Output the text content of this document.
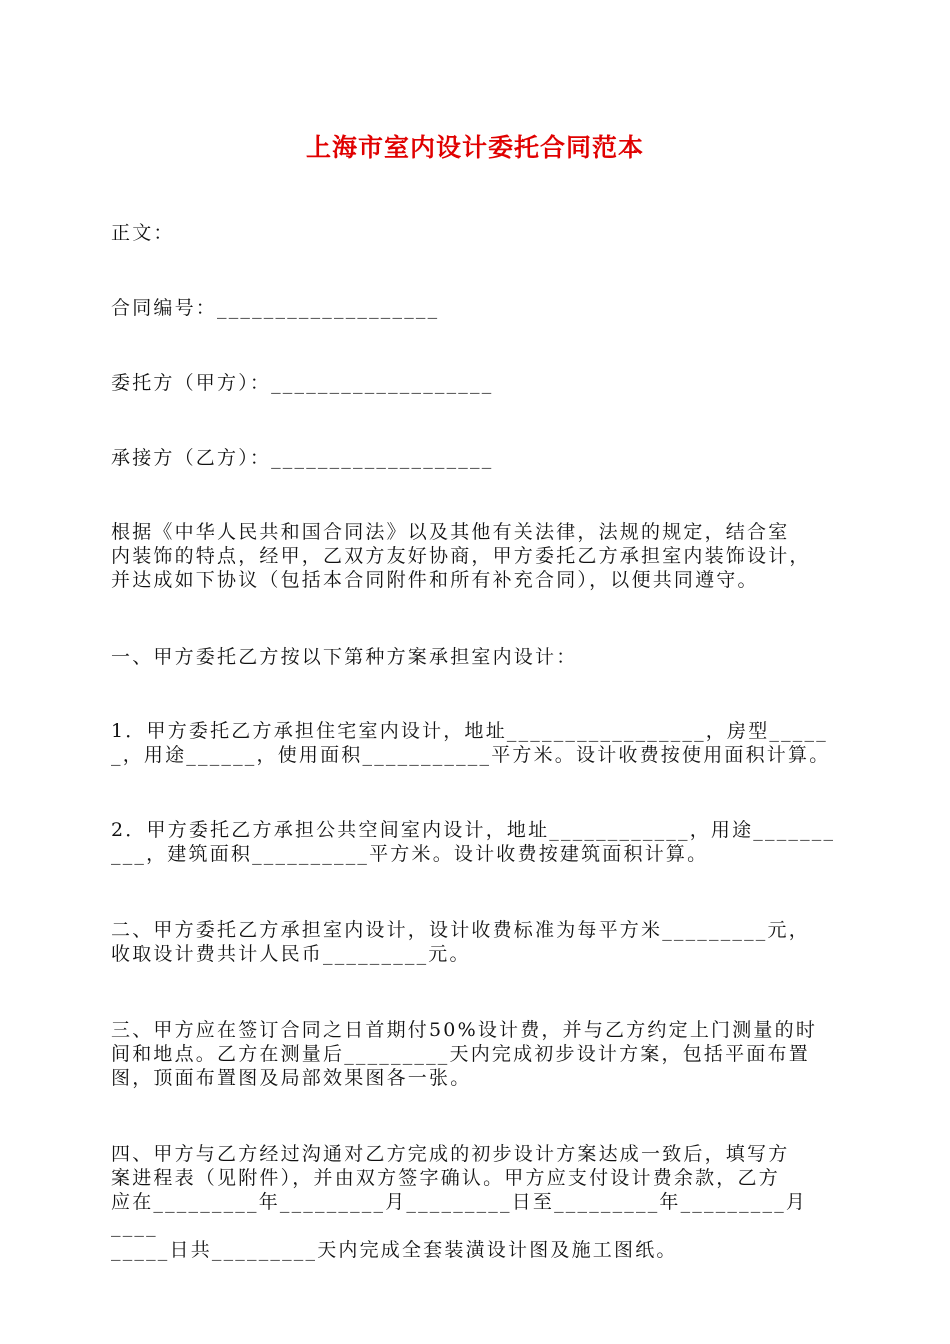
上海市室内设计委托合同范本
正文：
合同编号：___________________
委托方（甲方）：___________________
承接方（乙方）：___________________
根据《中华人民共和国合同法》以及其他有关法律，法规的规定，结合室
内装饰的特点，经甲，乙双方友好协商，甲方委托乙方承担室内装饰设计，
并达成如下协议（包括本合同附件和所有补充合同），以便共同遵守。
一、甲方委托乙方按以下第种方案承担室内设计：
1．甲方委托乙方承担住宅室内设计，地址_________________，房型_____
_，用途______，使用面积___________平方米。设计收费按使用面积计算。
2．甲方委托乙方承担公共空间室内设计，地址____________，用途_______
___，建筑面积__________平方米。设计收费按建筑面积计算。
二、甲方委托乙方承担室内设计，设计收费标准为每平方米_________元，
收取设计费共计人民币_________元。
三、甲方应在签订合同之日首期付50%设计费，并与乙方约定上门测量的时
间和地点。乙方在测量后_________天内完成初步设计方案，包括平面布置
图，顶面布置图及局部效果图各一张。
四、甲方与乙方经过沟通对乙方完成的初步设计方案达成一致后，填写方
案进程表（见附件），并由双方签字确认。甲方应支付设计费余款，乙方
应在_________年_________月_________日至_________年_________月____
_____日共_________天内完成全套装潢设计图及施工图纸。
